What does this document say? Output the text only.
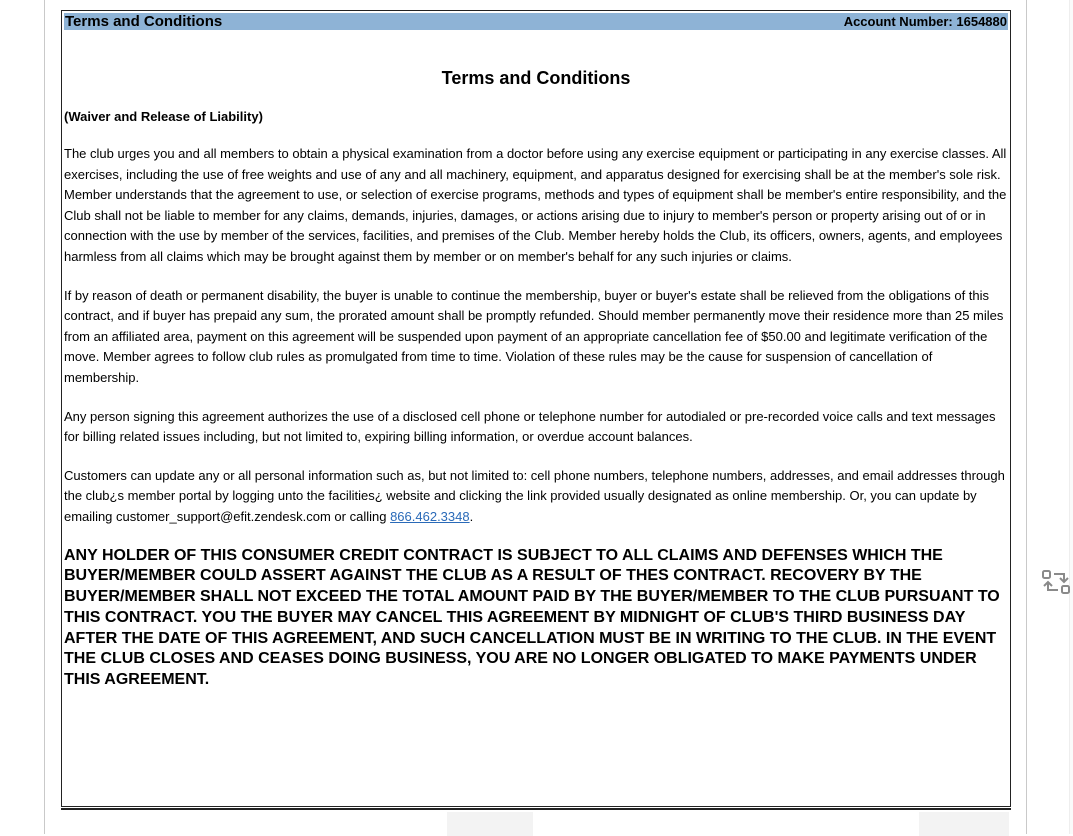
Terms and Conditions	Account Number: 1654880
Terms and Conditions
(Waiver and Release of Liability)

The club urges you and all members to obtain a physical examination from a doctor before using any exercise equipment or participating in any exercise classes. All exercises, including the use of free weights and use of any and all machinery, equipment, and apparatus designed for exercising shall be at the member's sole risk. Member understands that the agreement to use, or selection of exercise programs, methods and types of equipment shall be member's entire responsibility, and the Club shall not be liable to member for any claims, demands, injuries, damages, or actions arising due to injury to member's person or property arising out of or in connection with the use by member of the services, facilities, and premises of the Club. Member hereby holds the Club, its officers, owners, agents, and employees harmless from all claims which may be brought against them by member or on member's behalf for any such injuries or claims.

If by reason of death or permanent disability, the buyer is unable to continue the membership, buyer or buyer's estate shall be relieved from the obligations of this contract, and if buyer has prepaid any sum, the prorated amount shall be promptly refunded. Should member permanently move their residence more than 25 miles from an affiliated area, payment on this agreement will be suspended upon payment of an appropriate cancellation fee of $50.00 and legitimate verification of the move. Member agrees to follow club rules as promulgated from time to time. Violation of these rules may be the cause for suspension of cancellation of membership.

Any person signing this agreement authorizes the use of a disclosed cell phone or telephone number for autodialed or pre-recorded voice calls and text messages for billing related issues including, but not limited to, expiring billing information, or overdue account balances.

Customers can update any or all personal information such as, but not limited to: cell phone numbers, telephone numbers, addresses, and email addresses through the club¿s member portal by logging unto the facilities¿ website and clicking the link provided usually designated as online membership. Or, you can update by emailing customer_support@efit.zendesk.com or calling 866.462.3348.

ANY HOLDER OF THIS CONSUMER CREDIT CONTRACT IS SUBJECT TO ALL CLAIMS AND DEFENSES WHICH THE BUYER/MEMBER COULD ASSERT AGAINST THE CLUB AS A RESULT OF THES CONTRACT. RECOVERY BY THE BUYER/MEMBER SHALL NOT EXCEED THE TOTAL AMOUNT PAID BY THE BUYER/MEMBER TO THE CLUB PURSUANT TO THIS CONTRACT. YOU THE BUYER MAY CANCEL THIS AGREEMENT BY MIDNIGHT OF CLUB'S THIRD BUSINESS DAY AFTER THE DATE OF THIS AGREEMENT, AND SUCH CANCELLATION MUST BE IN WRITING TO THE CLUB. IN THE EVENT THE CLUB CLOSES AND CEASES DOING BUSINESS, YOU ARE NO LONGER OBLIGATED TO MAKE PAYMENTS UNDER THIS AGREEMENT.
